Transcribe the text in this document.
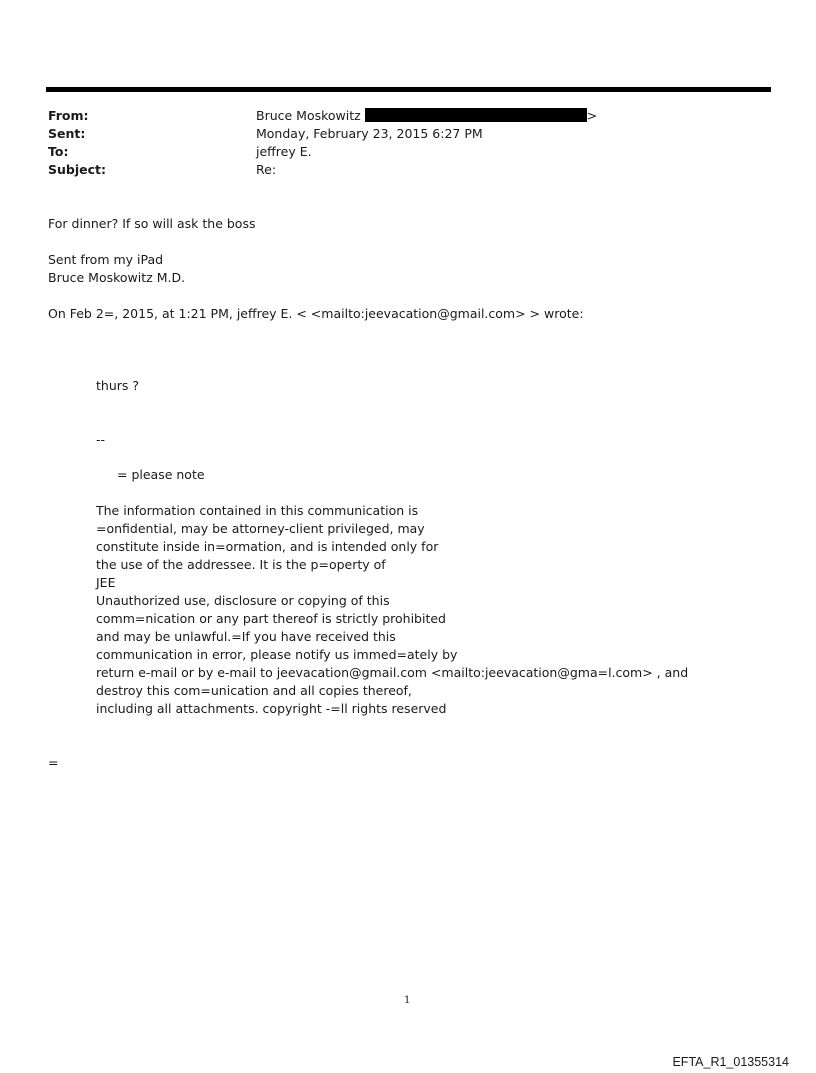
From:	Bruce Moskowitz	>
Sent:	Monday, February 23, 2015 6:27 PM
To:	jeffrey E.
Subject:	Re:
For dinner? If so will ask the boss
Sent from my iPad
Bruce Moskowitz M.D.
On Feb 2=, 2015, at 1:21 PM, jeffrey E. < <mailto:jeevacation@gmail.com> > wrote:
thurs ?
--
= please note
The information contained in this communication is
=onfidential, may be attorney-client privileged, may
constitute inside in=ormation, and is intended only for
the use of the addressee. It is the p=operty of
JEE
Unauthorized use, disclosure or copying of this
comm=nication or any part thereof is strictly prohibited
and may be unlawful.=If you have received this
communication in error, please notify us immed=ately by
return e-mail or by e-mail to jeevacation@gmail.com <mailto:jeevacation@gma=l.com> , and
destroy this com=unication and all copies thereof,
including all attachments. copyright -=ll rights reserved
=
1
EFTA_R1_01355314
